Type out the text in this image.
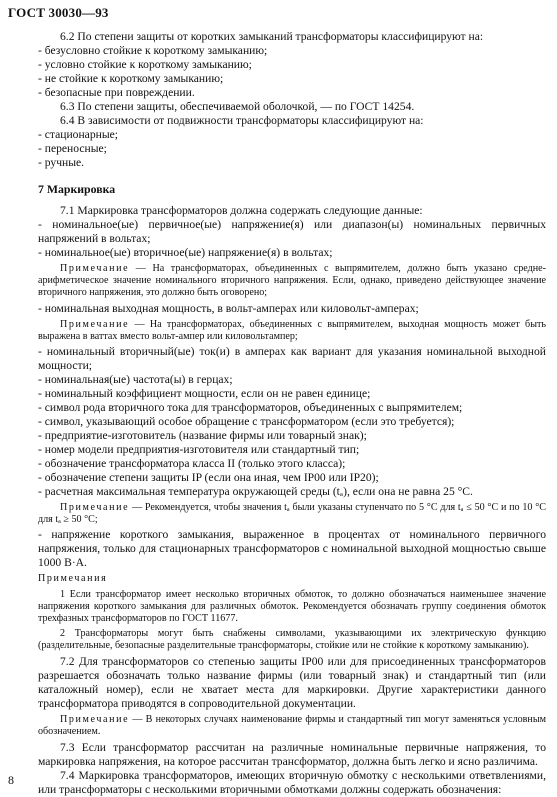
ГОСТ 30030—93

6.2 По степени защиты от коротких замыканий трансформаторы классифицируют на:

- безусловно стойкие к короткому замыканию;

- условно стойкие к короткому замыканию;

- не стойкие к короткому замыканию;

- безопасные при повреждении.

6.3 По степени защиты, обеспечиваемой оболочкой, — по ГОСТ 14254.

6.4 В зависимости от подвижности трансформаторы классифицируют на:

- стационарные;

- переносные;

- ручные.

7 Маркировка

7.1 Маркировка трансформаторов должна содержать следующие данные:

- номинальное(ые) первичное(ые) напряжение(я) или диапазон(ы) номинальных первичных напряжений в вольтах;

- номинальное(ые) вторичное(ые) напряжение(я) в вольтах;

Примечание — На трансформаторах, объединенных с выпрямителем, должно быть указано средне-арифметическое значение номинального вторичного напряжения. Если, однако, приведено действующее значение вторичного напряжения, это должно быть оговорено;

- номинальная выходная мощность, в вольт-амперах или киловольт-амперах;

Примечание — На трансформаторах, объединенных с выпрямителем, выходная мощность может быть выражена в ваттах вместо вольт-ампер или киловольтампер;

- номинальный вторичный(ые) ток(и) в амперах как вариант для указания номинальной выходной мощности;

- номинальная(ые) частота(ы) в герцах;

- номинальный коэффициент мощности, если он не равен единице;

- символ рода вторичного тока для трансформаторов, объединенных с выпрямителем;

- символ, указывающий особое обращение с трансформатором (если это требуется);

- предприятие-изготовитель (название фирмы или товарный знак);

- номер модели предприятия-изготовителя или стандартный тип;

- обозначение трансформатора класса II (только этого класса);

- обозначение степени защиты IP (если она иная, чем IP00 или IP20);

- расчетная максимальная температура окружающей среды (tₐ), если она не равна 25 °C.

Примечание — Рекомендуется, чтобы значения tₐ были указаны ступенчато по 5 °C для tₐ ≤ 50 °C и по 10 °C для tₐ ≥ 50 °C;

- напряжение короткого замыкания, выраженное в процентах от номинального первичного напряжения, только для стационарных трансформаторов с номинальной выходной мощностью свыше 1000 В·А.

Примечания

1 Если трансформатор имеет несколько вторичных обмоток, то должно обозначаться наименьшее значение напряжения короткого замыкания для различных обмоток. Рекомендуется обозначать группу соединения обмоток трехфазных трансформаторов по ГОСТ 11677.

2 Трансформаторы могут быть снабжены символами, указывающими их электрическую функцию (разделительные, безопасные разделительные трансформаторы, стойкие или не стойкие к короткому замыканию).

7.2 Для трансформаторов со степенью защиты IP00 или для присоединенных трансформаторов разрешается обозначать только название фирмы (или товарный знак) и стандартный тип (или каталожный номер), если не хватает места для маркировки. Другие характеристики данного трансформатора приводятся в сопроводительной документации.

Примечание — В некоторых случаях наименование фирмы и стандартный тип могут заменяться условным обозначением.

7.3 Если трансформатор рассчитан на различные номинальные первичные напряжения, то маркировка напряжения, на которое рассчитан трансформатор, должна быть легко и ясно различима.

7.4 Маркировка трансформаторов, имеющих вторичную обмотку с несколькими ответвлениями, или трансформаторы с несколькими вторичными обмотками должны содержать обозначения:

8
